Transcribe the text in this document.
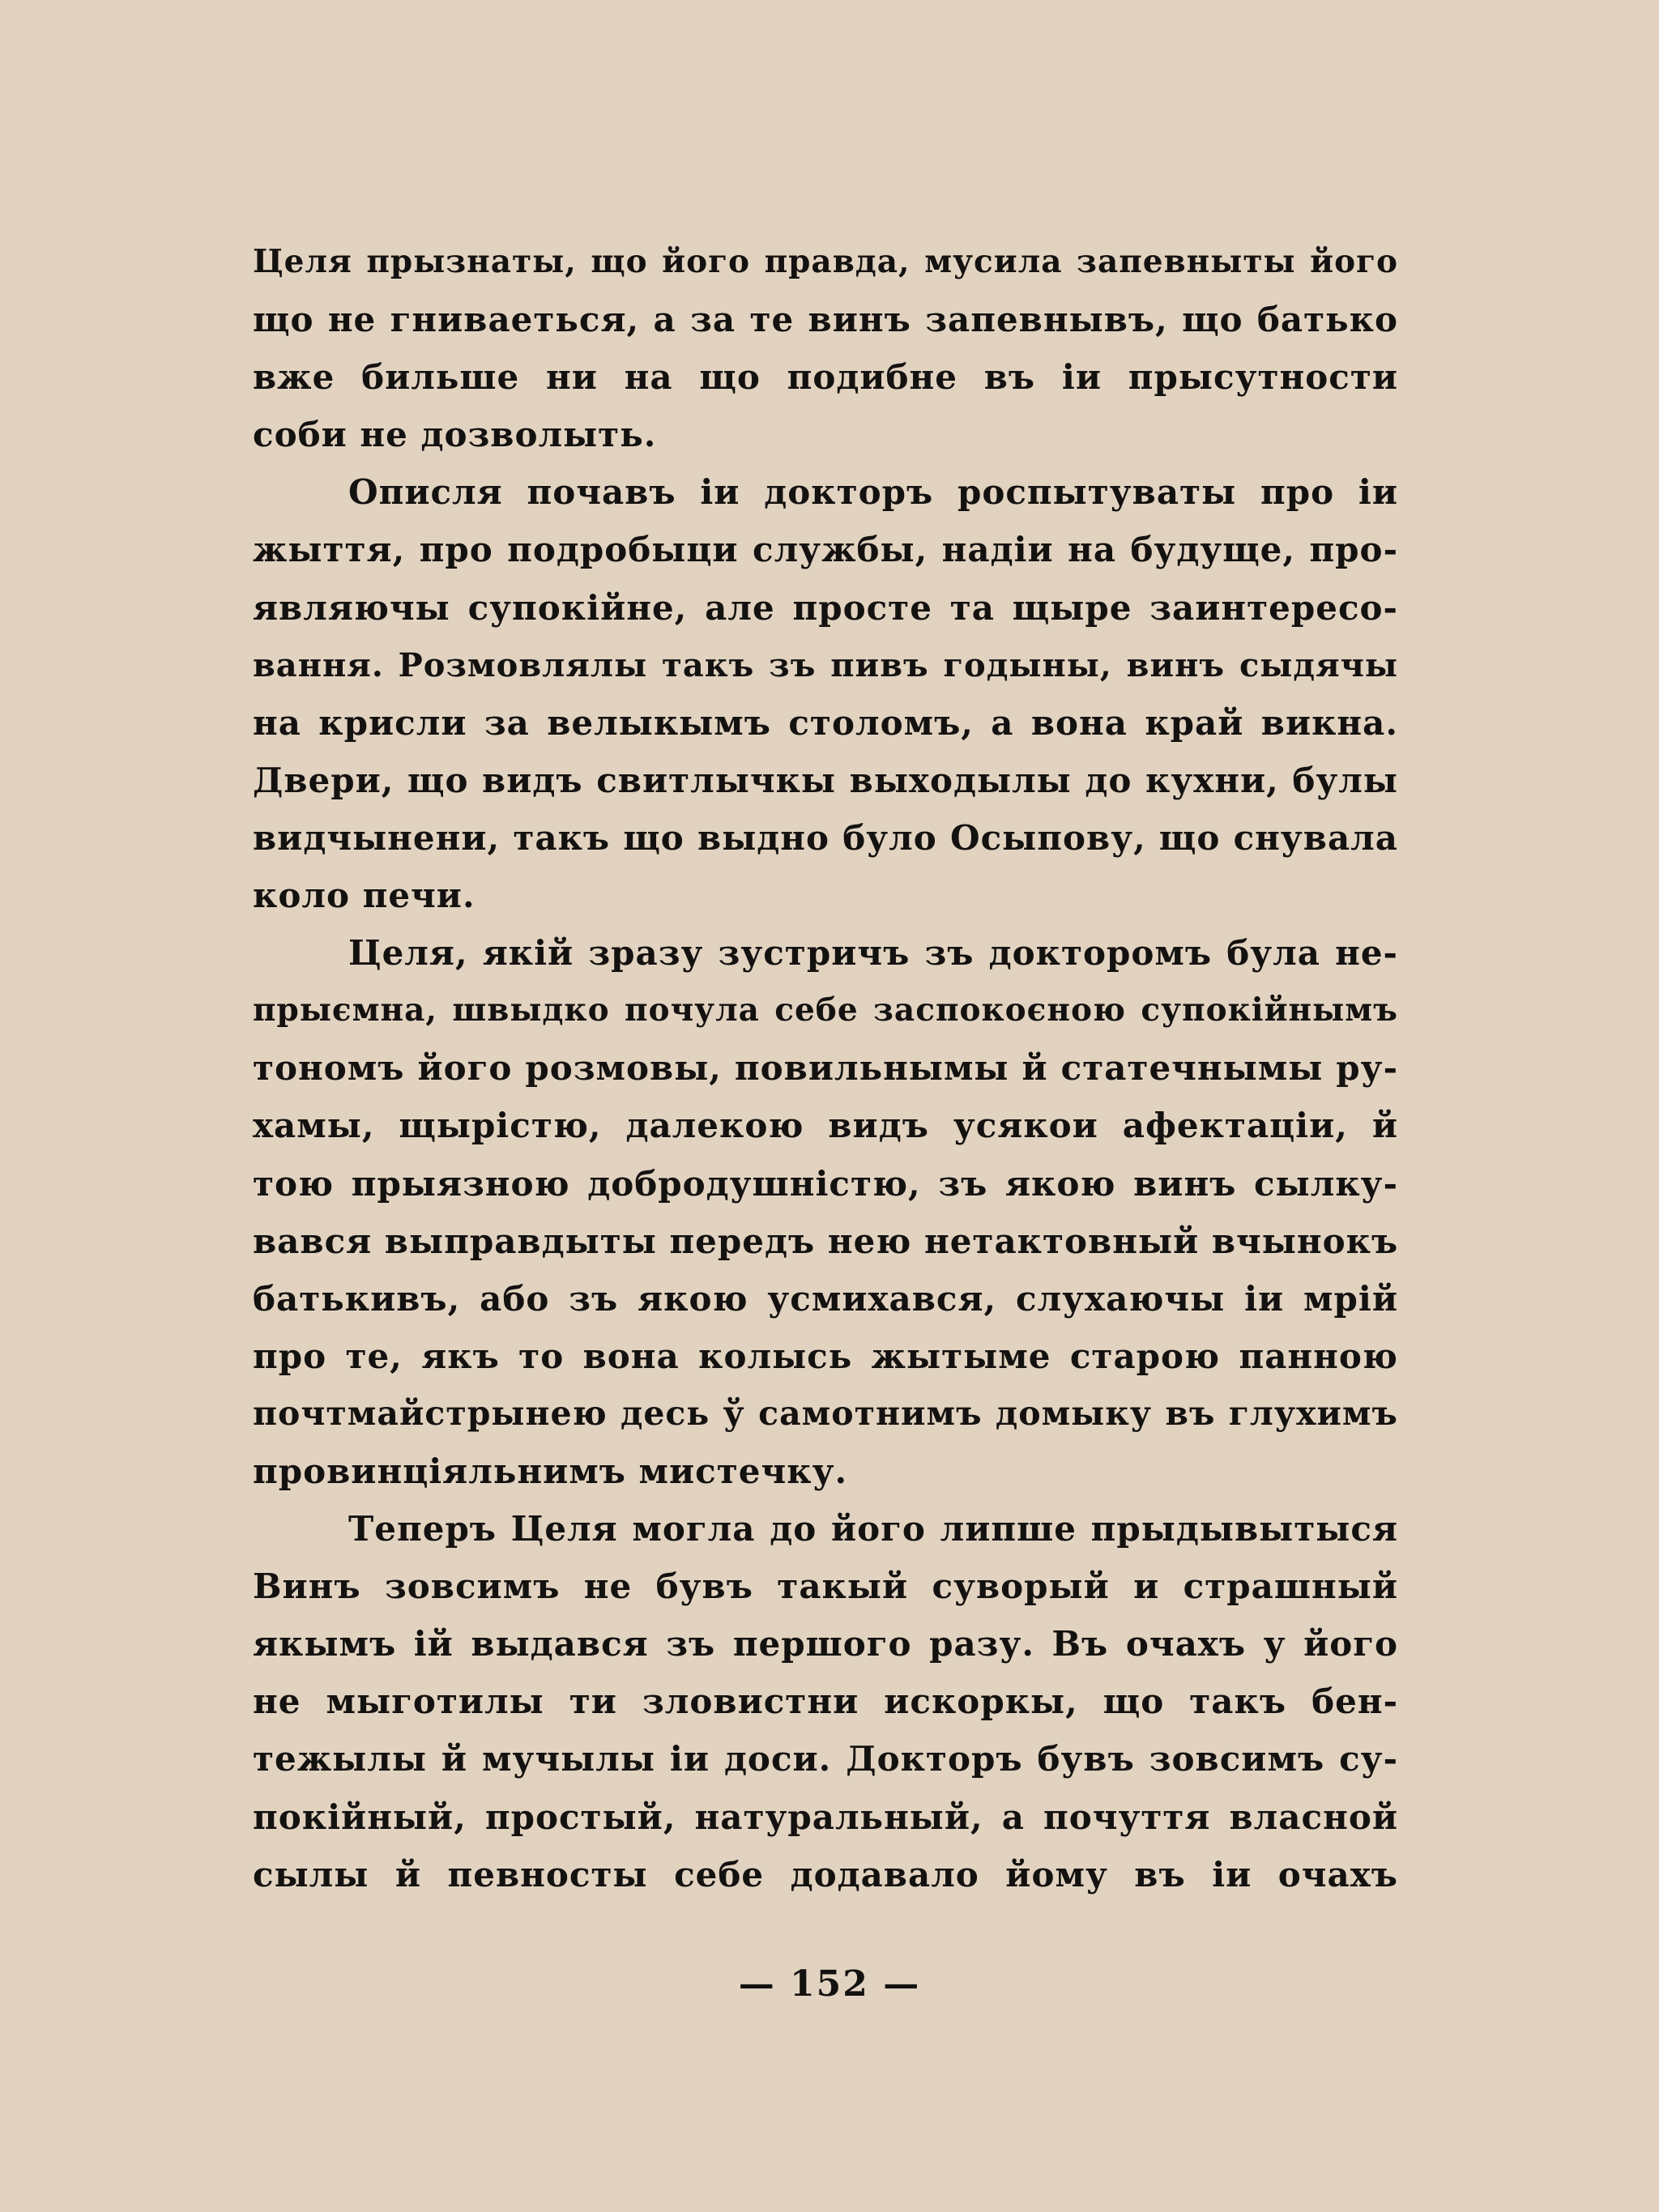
Целя прызнаты, що його правда, мусила запевныты його
що не гниваеться, а за те винъ запевнывъ, що батько
вже бильше ни на що подибне въ іи прысутности
соби не дозволыть.

Описля почавъ іи докторъ роспытуваты про іи
жыття, про подробыци службы, надіи на будуще, про-
являючы супокійне, але просте та щыре заинтересо-
вання. Розмовлялы такъ зъ пивъ годыны, винъ сыдячы
на крисли за велыкымъ столомъ, а вона край викна.
Двери, що видъ свитлычкы выходылы до кухни, булы
видчынени, такъ що выдно було Осыпову, що снувала
коло печи.

Целя, якій зразу зустричъ зъ докторомъ була не-
прыємна, швыдко почула себе заспокоєною супокійнымъ
тономъ його розмовы, повильнымы й статечнымы ру-
хамы, щырістю, далекою видъ усякои афектаціи, й
тою прыязною добродушністю, зъ якою винъ сылку-
вався выправдыты передъ нею нетактовный вчынокъ
батькивъ, або зъ якою усмихався, слухаючы іи мрій
про те, якъ то вона колысь жытыме старою панною
почтмайстрынею десь ў самотнимъ домыку въ глухимъ
провинціяльнимъ мистечку.

Теперъ Целя могла до його липше прыдывытыся
Винъ зовсимъ не бувъ такый суворый и страшный
якымъ ій выдався зъ першого разу. Въ очахъ у його
не мыготилы ти зловистни искоркы, що такъ бен-
тежылы й мучылы іи доси. Докторъ бувъ зовсимъ су-
покійный, простый, натуральный, а почуття власной
сылы й певносты себе додавало йому въ іи очахъ

— 152 —
